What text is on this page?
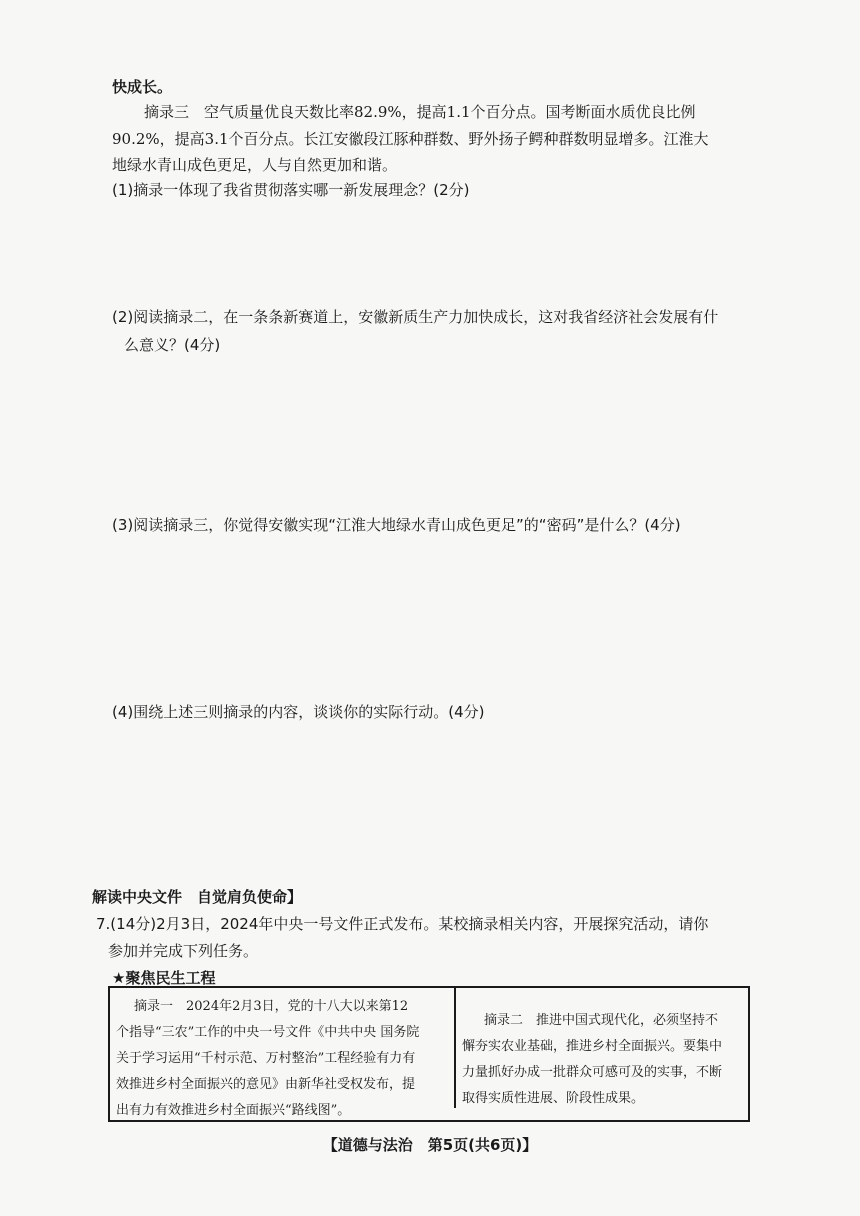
快成长。
摘录三　空气质量优良天数比率82.9%，提高1.1个百分点。国考断面水质优良比例
90.2%，提高3.1个百分点。长江安徽段江豚种群数、野外扬子鳄种群数明显增多。江淮大
地绿水青山成色更足，人与自然更加和谐。
(1)摘录一体现了我省贯彻落实哪一新发展理念？(2分)
(2)阅读摘录二，在一条条新赛道上，安徽新质生产力加快成长，这对我省经济社会发展有什
么意义？(4分)
(3)阅读摘录三，你觉得安徽实现“江淮大地绿水青山成色更足”的“密码”是什么？(4分)
(4)围绕上述三则摘录的内容，谈谈你的实际行动。(4分)
解读中央文件　自觉肩负使命】
7.(14分)2月3日，2024年中央一号文件正式发布。某校摘录相关内容，开展探究活动，请你
参加并完成下列任务。
★聚焦民生工程
摘录一　2024年2月3日，党的十八大以来第12
个指导“三农”工作的中央一号文件《中共中央 国务院
关于学习运用“千村示范、万村整治”工程经验有力有
效推进乡村全面振兴的意见》由新华社受权发布，提
出有力有效推进乡村全面振兴“路线图”。
摘录二　推进中国式现代化，必须坚持不
懈夯实农业基础，推进乡村全面振兴。要集中
力量抓好办成一批群众可感可及的实事，不断
取得实质性进展、阶段性成果。
【道德与法治　第5页(共6页)】
